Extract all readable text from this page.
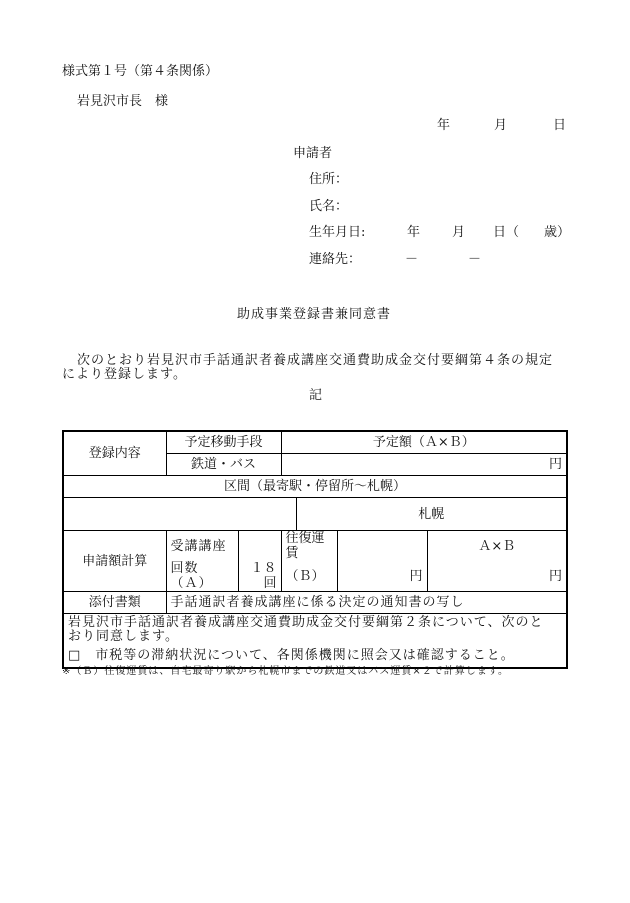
様式第１号（第４条関係）
岩見沢市長　様
年	月	日
申請者
住所：
氏名：
生年月日:	年 月 日（ 歳）
連絡先：	－	－
助成事業登録書兼同意書
次のとおり岩見沢市手話通訳者養成講座交通費助成金交付要綱第４条の規定
により登録します。
記
登録内容	予定移動手段		予定額（Ａ×Ｂ）			
	鉄道・バス		円			
区間（最寄駅・停留所～札幌）						
				札幌		
申請額計算	受講講座		往復運賃			Ａ×Ｂ
	回数（Ａ）	１８回	（Ｂ）		円	円
添付書類	手話通訳者養成講座に係る決定の通知書の写し					

岩見沢市手話通訳者養成講座交通費助成金交付要綱第２条について、次のと

おり同意します。

□　市税等の滞納状況について、各関係機関に照会又は確認すること。						

※（Ｂ）往復運賃は、自宅最寄り駅から札幌市までの鉄道又はバス運賃×２で計算します。
